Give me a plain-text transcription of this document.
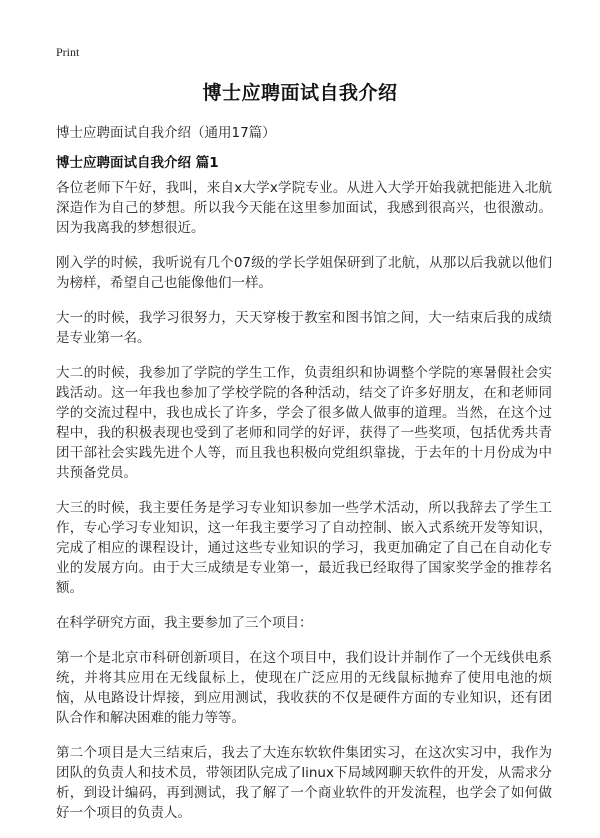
Print
博士应聘面试自我介绍
博士应聘面试自我介绍（通用17篇）
博士应聘面试自我介绍 篇1

各位老师下午好，我叫，来自x大学x学院专业。从进入大学开始我就把能进入北航深造作为自己的梦想。所以我今天能在这里参加面试，我感到很高兴，也很激动。因为我离我的梦想很近。

刚入学的时候，我听说有几个07级的学长学姐保研到了北航，从那以后我就以他们为榜样，希望自己也能像他们一样。

大一的时候，我学习很努力，天天穿梭于教室和图书馆之间，大一结束后我的成绩是专业第一名。

大二的时候，我参加了学院的学生工作，负责组织和协调整个学院的寒暑假社会实践活动。这一年我也参加了学校学院的各种活动，结交了许多好朋友，在和老师同学的交流过程中，我也成长了许多，学会了很多做人做事的道理。当然，在这个过程中，我的积极表现也受到了老师和同学的好评，获得了一些奖项，包括优秀共青团干部社会实践先进个人等，而且我也积极向党组织靠拢，于去年的十月份成为中共预备党员。

大三的时候，我主要任务是学习专业知识参加一些学术活动，所以我辞去了学生工作，专心学习专业知识，这一年我主要学习了自动控制、嵌入式系统开发等知识，完成了相应的课程设计，通过这些专业知识的学习，我更加确定了自己在自动化专业的发展方向。由于大三成绩是专业第一，最近我已经取得了国家奖学金的推荐名额。

在科学研究方面，我主要参加了三个项目：

第一个是北京市科研创新项目，在这个项目中，我们设计并制作了一个无线供电系统，并将其应用在无线鼠标上，使现在广泛应用的无线鼠标抛弃了使用电池的烦恼，从电路设计焊接，到应用测试，我收获的不仅是硬件方面的专业知识，还有团队合作和解决困难的能力等等。

第二个项目是大三结束后，我去了大连东软软件集团实习，在这次实习中，我作为团队的负责人和技术员，带领团队完成了linux下局域网聊天软件的开发，从需求分析，到设计编码，再到测试，我了解了一个商业软件的开发流程，也学会了如何做好一个项目的负责人。
